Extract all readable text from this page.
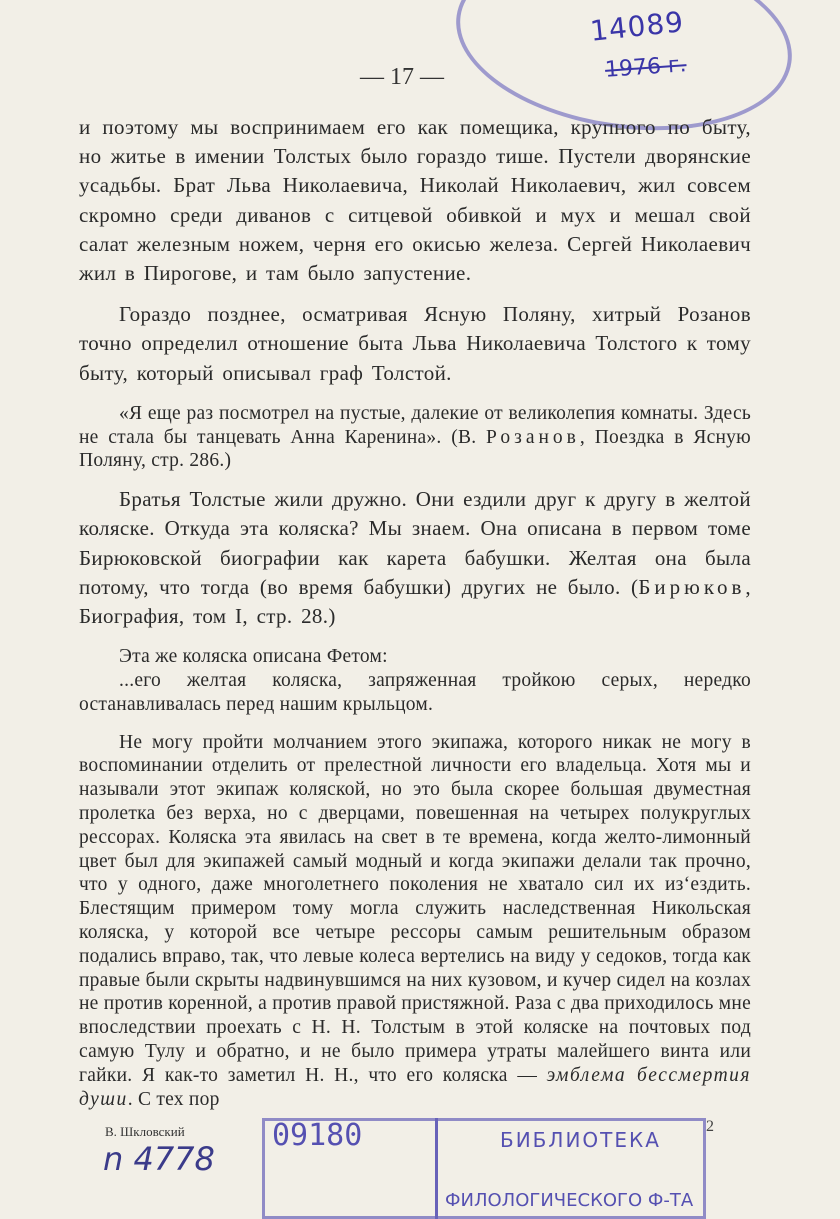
14089
1976 г.
— 17 —

и поэтому мы воспринимаем его как помещика, крупного по быту, но житье в имении Толстых было гораздо тише. Пустели дворянские усадьбы. Брат Льва Николаевича, Николай Николаевич, жил совсем скромно среди диванов с ситцевой обивкой и мух и мешал свой салат железным ножем, черня его окисью железа. Сергей Николаевич жил в Пирогове, и там было запустение.

Гораздо позднее, осматривая Ясную Поляну, хитрый Розанов точно определил отношение быта Льва Николаевича Толстого к тому быту, который описывал граф Толстой.

«Я еще раз посмотрел на пустые, далекие от великолепия комнаты. Здесь не стала бы танцевать Анна Каренина». (В. Розанов, Поездка в Ясную Поляну, стр. 286.)

Братья Толстые жили дружно. Они ездили друг к другу в желтой коляске. Откуда эта коляска? Мы знаем. Она описана в первом томе Бирюковской биографии как карета бабушки. Желтая она была потому, что тогда (во время бабушки) других не было. (Бирюков, Биография, том I, стр. 28.)

Эта же коляска описана Фетом:

...его желтая коляска, запряженная тройкою серых, нередко останавливалась перед нашим крыльцом.

Не могу пройти молчанием этого экипажа, которого никак не могу в воспоминании отделить от прелестной личности его владельца. Хотя мы и называли этот экипаж коляской, но это была скорее большая двуместная пролетка без верха, но с дверцами, повешенная на четырех полукруглых рессорах. Коляска эта явилась на свет в те времена, когда желто-лимонный цвет был для экипажей самый модный и когда экипажи делали так прочно, что у одного, даже многолетнего поколения не хватало сил их из‘ездить. Блестящим примером тому могла служить наследственная Никольская коляска, у которой все четыре рессоры самым решительным образом подались вправо, так, что левые колеса вертелись на виду у седоков, тогда как правые были скрыты надвинувшимся на них кузовом, и кучер сидел на козлах не против коренной, а против правой пристяжной. Раза с два приходилось мне впоследствии проехать с Н. Н. Толстым в этой коляске на почтовых под самую Тулу и обратно, и не было примера утраты малейшего винта или гайки. Я как-то заметил Н. Н., что его коляска — эмблема бессмертия души. С тех пор

В. Шкловский
n 4778
09180	БИБЛИОТЕКА
ФИЛОЛОГИЧЕСКОГО Ф-ТА
2
